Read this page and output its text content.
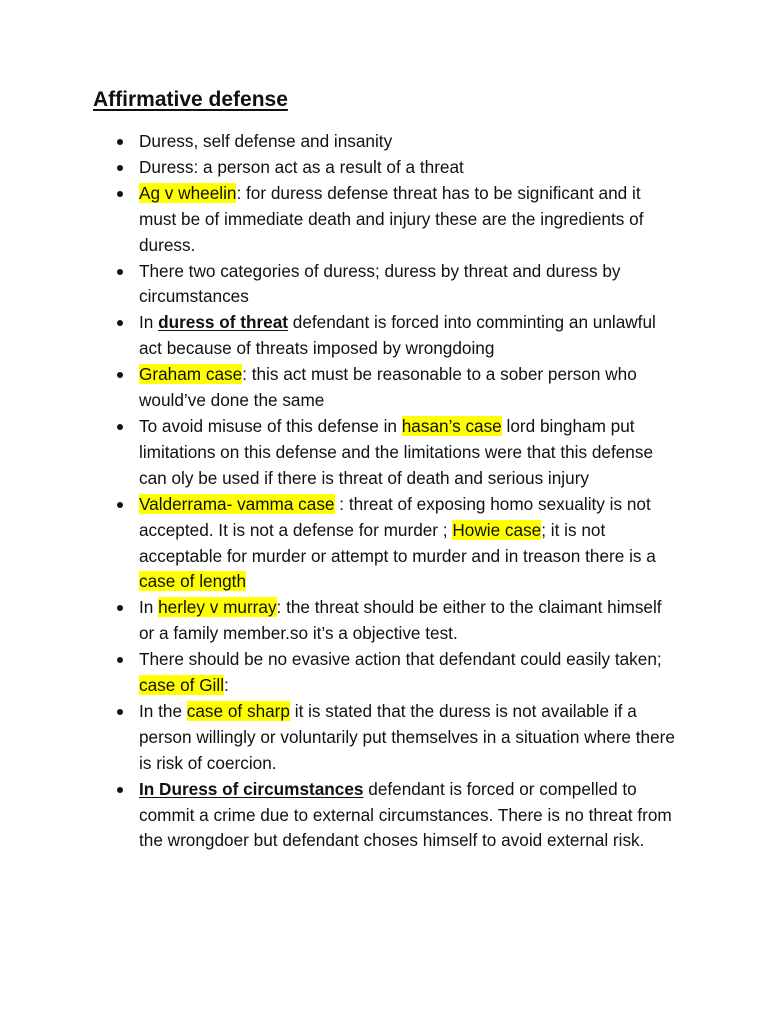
Affirmative defense
Duress, self defense and insanity
Duress: a person act as a result of a threat
Ag v wheelin: for duress defense threat has to be significant and it must be of immediate death and injury these are the ingredients of duress.
There two categories of duress; duress by threat and duress by circumstances
In duress of threat defendant is forced into comminting an unlawful act because of threats imposed by wrongdoing
Graham case: this act must be reasonable to a sober person who would’ve done the same
To avoid misuse of this defense in hasan’s case lord bingham put limitations on this defense and the limitations were that this defense can oly be used if there is threat of death and serious injury
Valderrama- vamma case : threat of exposing homo sexuality is not accepted. It is not a defense for murder ; Howie case; it is not acceptable for murder or attempt to murder and in treason there is a case of length
In herley v murray: the threat should be either to the claimant himself or a family member.so it’s a objective test.
There should be no evasive action that defendant could easily taken; case of Gill:
In the case of sharp it is stated that the duress is not available if a person willingly or voluntarily put themselves in a situation where there is risk of coercion.
In Duress of circumstances defendant is forced or compelled to commit a crime due to external circumstances. There is no threat from the wrongdoer but defendant choses himself to avoid external risk.
